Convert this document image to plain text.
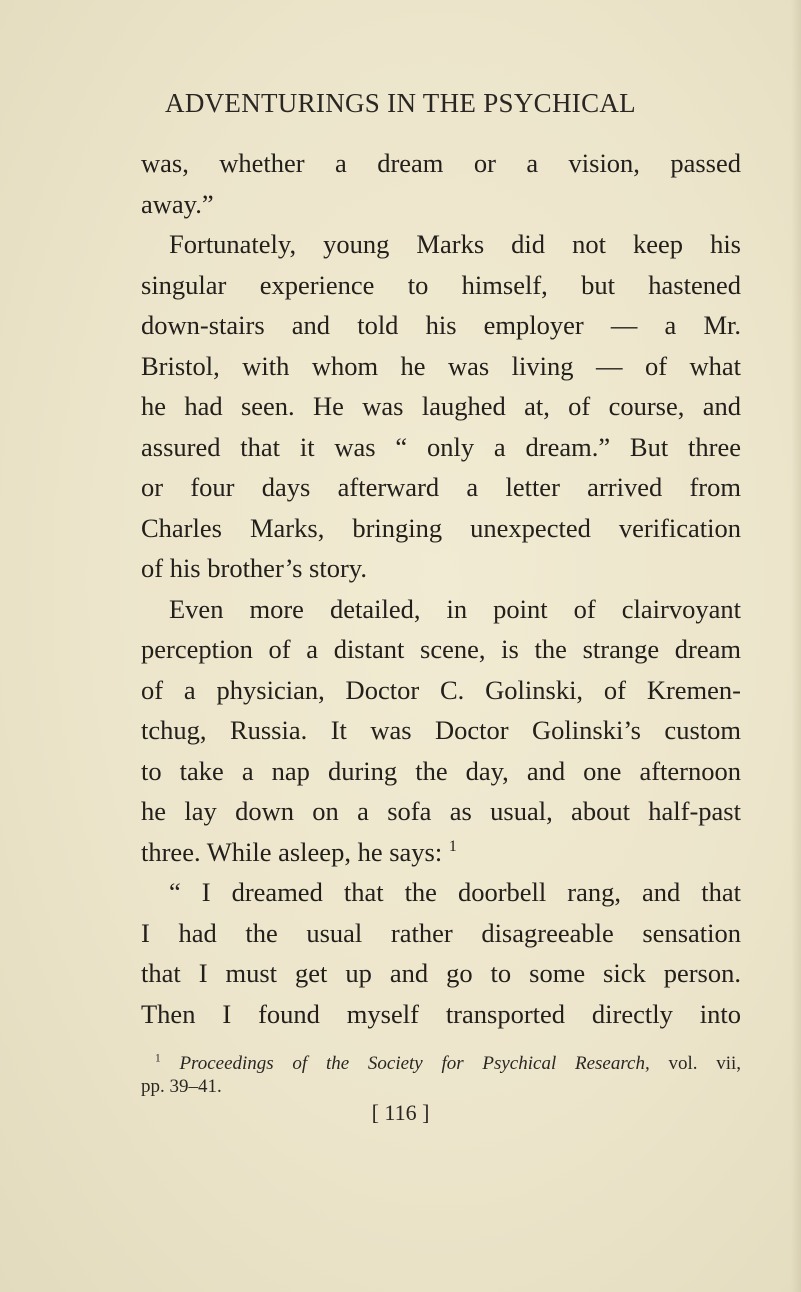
ADVENTURINGS IN THE PSYCHICAL
was, whether a dream or a vision, passed
away.”
Fortunately, young Marks did not keep his
singular experience to himself, but hastened
down-stairs and told his employer — a Mr.
Bristol, with whom he was living — of what
he had seen. He was laughed at, of course, and
assured that it was “ only a dream.” But three
or four days afterward a letter arrived from
Charles Marks, bringing unexpected verification
of his brother’s story.
Even more detailed, in point of clairvoyant
perception of a distant scene, is the strange dream
of a physician, Doctor C. Golinski, of Kremen-
tchug, Russia. It was Doctor Golinski’s custom
to take a nap during the day, and one afternoon
he lay down on a sofa as usual, about half-past
three. While asleep, he says: $^1$
“ I dreamed that the doorbell rang, and that
I had the usual rather disagreeable sensation
that I must get up and go to some sick person.
Then I found myself transported directly into
$^1$ Proceedings of the Society for Psychical Research, vol. vii,
pp. 39–41.
[ 116 ]
